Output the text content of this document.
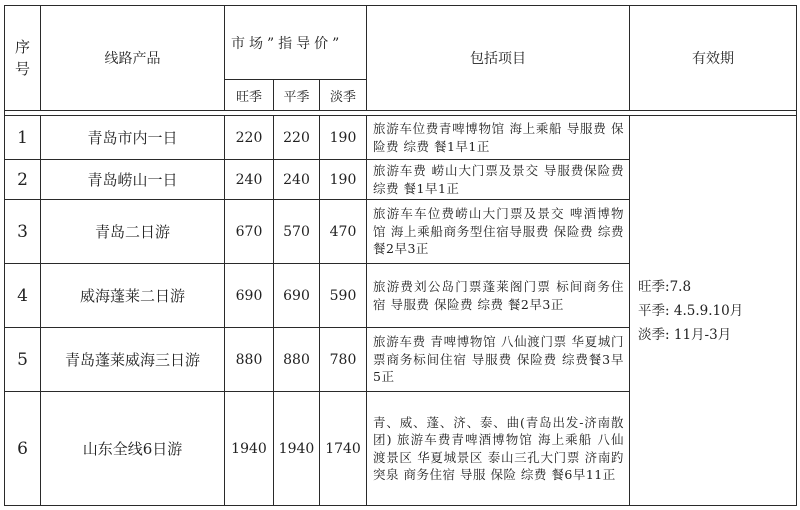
序号	线路产品	市场”指导价”			包括项目	有效期
		旺季	平季	淡季		

1	青岛市内一日	220	220	190	旅游车位费青啤博物馆 海上乘船 导服费 保险费 综费 餐1早1正	旺季:7.8
平季: 4.5.9.10月
淡季: 11月-3月

2	青岛崂山一日	240	240	190	旅游车费 崂山大门票及景交 导服费保险费 综费 餐1早1正	
3	青岛二日游	670	570	470	旅游车车位费崂山大门票及景交 啤酒博物馆 海上乘船商务型住宿导服费 保险费 综费 餐2早3正	
4	威海蓬莱二日游	690	690	590	旅游费刘公岛门票蓬莱阁门票 标间商务住宿 导服费 保险费 综费 餐2早3正	
5	青岛蓬莱威海三日游	880	880	780	旅游车费 青啤博物馆 八仙渡门票 华夏城门票商务标间住宿 导服费 保险费 综费餐3早5正	
6	山东全线6日游	1940	1940	1740	青、威、蓬、济、泰、曲(青岛出发-济南散团) 旅游车费青啤酒博物馆 海上乘船 八仙渡景区 华夏城景区 泰山三孔大门票 济南趵突泉 商务住宿 导服 保险 综费 餐6早11正	
